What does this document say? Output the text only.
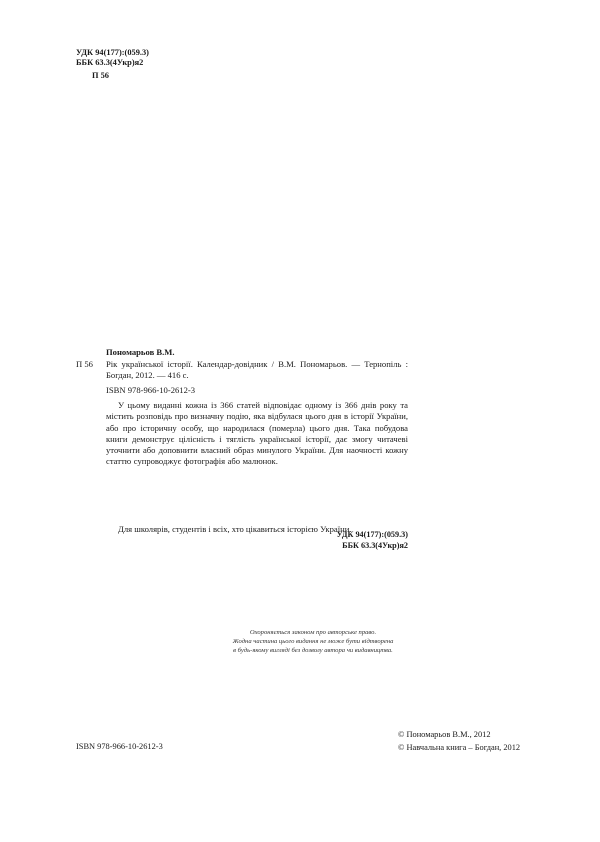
УДК 94(177):(059.3)
ББК 63.3(4Укр)я2
П 56
Пономарьов В.М.
П 56 Рік української історії. Календар-довідник / В.М. Пономарьов. — Тернопіль : Богдан, 2012. — 416 с.
ISBN 978-966-10-2612-3
У цьому виданні кожна із 366 статей відповідає одному із 366 днів року та містить розповідь про визначну подію, яка відбулася цього дня в історії України, або про історичну особу, що народилася (померла) цього дня. Така побудова книги демонструє цілісність і тяглість української історії, дає змогу читачеві уточнити або доповнити власний образ минулого України. Для наочності кожну статтю супроводжує фотографія або малюнок.
Для школярів, студентів і всіх, хто цікавиться історією України.
УДК 94(177):(059.3)
ББК 63.3(4Укр)я2
Охороняється законом про авторське право.
Жодна частина цього видання не може бути відтворена
в будь-якому вигляді без дозволу автора чи видавництва.
ISBN 978-966-10-2612-3
© Пономарьов В.М., 2012
© Навчальна книга – Богдан, 2012
